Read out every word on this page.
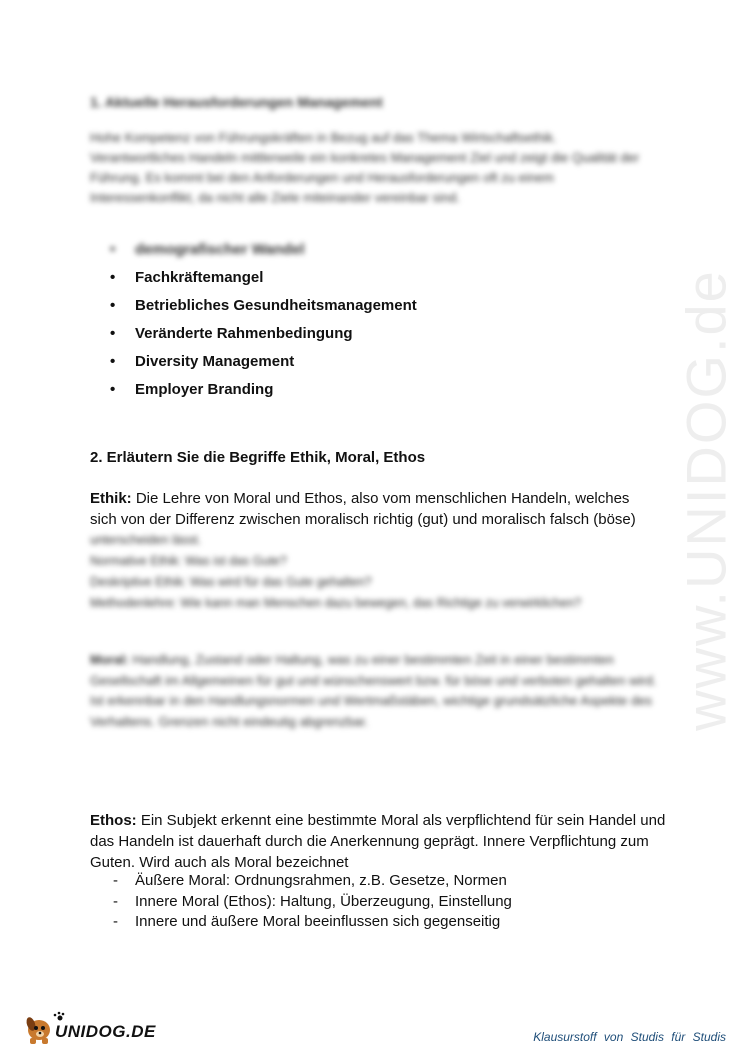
www.UNIDOG.de

1. Aktuelle Herausforderungen Management

Hohe Kompetenz von Führungskräften in Bezug auf das Thema Wirtschaftsethik. Verantwortliches Handeln mittlerweile ein konkretes Management Ziel und zeigt die Qualität der Führung. Es kommt bei den Anforderungen und Herausforderungen oft zu einem Interessenkonflikt, da nicht alle Ziele miteinander vereinbar sind.

• demografischer Wandel
• Fachkräftemangel
• Betriebliches Gesundheitsmanagement
• Veränderte Rahmenbedingung
• Diversity Management
• Employer Branding

2. Erläutern Sie die Begriffe Ethik, Moral, Ethos

Ethik: Die Lehre von Moral und Ethos, also vom menschlichen Handeln, welches sich von der Differenz zwischen moralisch richtig (gut) und moralisch falsch (böse)

unterscheiden lässt.
Normative Ethik: Was ist das Gute?
Deskriptive Ethik: Was wird für das Gute gehalten?
Methodenlehre: Wie kann man Menschen dazu bewegen, das Richtige zu verwirklichen?

Moral: Handlung, Zustand oder Haltung, was zu einer bestimmten Zeit in einer bestimmten Gesellschaft im Allgemeinen für gut und wünschenswert bzw. für böse und verboten gehalten wird. Ist erkennbar in den Handlungsnormen und Wertmaßstäben, wichtige grundsätzliche Aspekte des Verhaltens. Grenzen nicht eindeutig abgrenzbar.

Ethos: Ein Subjekt erkennt eine bestimmte Moral als verpflichtend für sein Handel und das Handeln ist dauerhaft durch die Anerkennung geprägt. Innere Verpflichtung zum Guten. Wird auch als Moral bezeichnet

- Äußere Moral: Ordnungsrahmen, z.B. Gesetze, Normen
- Innere Moral (Ethos): Haltung, Überzeugung, Einstellung
- Innere und äußere Moral beeinflussen sich gegenseitig
UNIDOG.DE	Klausurstoff von Studis für Studis
